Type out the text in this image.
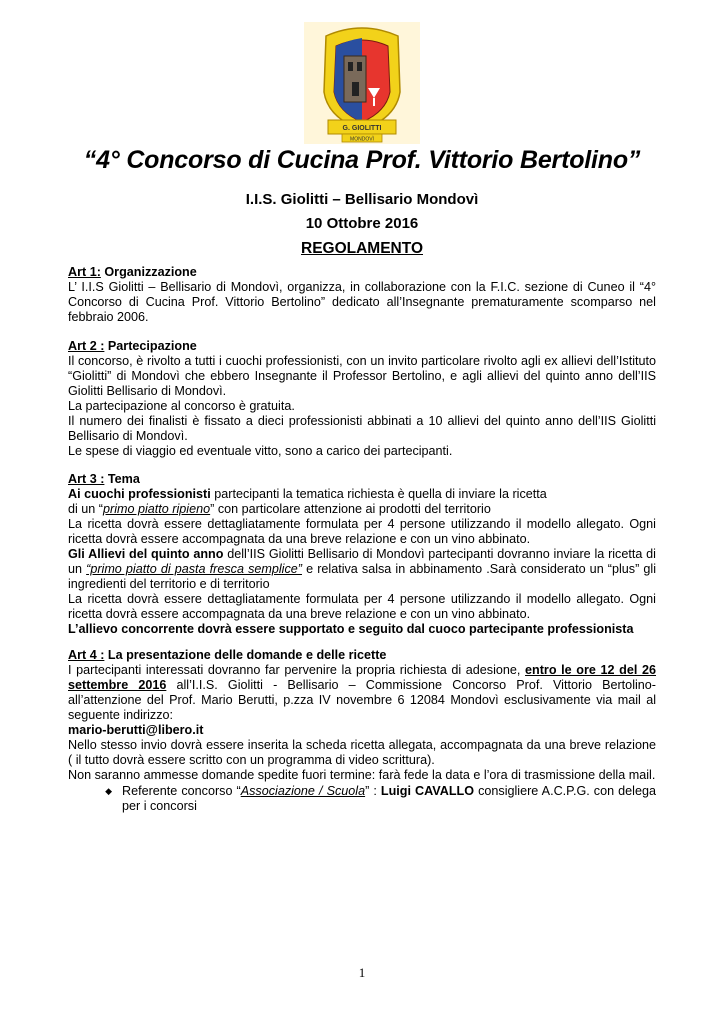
G. GIOLITTI
MONDOVÌ
“4° Concorso di Cucina Prof. Vittorio Bertolino”
I.I.S. Giolitti – Bellisario Mondovì
10 Ottobre 2016
REGOLAMENTO

Art 1: Organizzazione

L’ I.I.S Giolitti – Bellisario di Mondovì, organizza, in collaborazione con la F.I.C. sezione di Cuneo il “4° Concorso di Cucina Prof. Vittorio Bertolino” dedicato all’Insegnante prematuramente scomparso nel febbraio 2006.

Art 2 : Partecipazione

Il concorso, è rivolto a tutti i cuochi professionisti, con un invito particolare rivolto agli ex allievi dell’Istituto “Giolitti” di Mondovì che ebbero Insegnante il Professor Bertolino, e agli allievi del quinto anno dell’IIS Giolitti Bellisario di Mondovì.

La partecipazione al concorso è gratuita.

Il numero dei finalisti è fissato a dieci professionisti abbinati a 10 allievi del quinto anno dell’IIS Giolitti Bellisario di Mondovì.

Le spese di viaggio ed eventuale vitto, sono a carico dei partecipanti.

Art 3 : Tema

Ai cuochi professionisti partecipanti la tematica richiesta è quella di inviare la ricetta

di un “primo piatto ripieno” con particolare attenzione ai prodotti del territorio

La ricetta dovrà essere dettagliatamente formulata per 4 persone utilizzando il modello allegato. Ogni ricetta dovrà essere accompagnata da una breve relazione e con un vino abbinato.

Gli Allievi del quinto anno dell’IIS Giolitti Bellisario di Mondovì partecipanti dovranno inviare la ricetta di un “primo piatto di pasta fresca semplice” e relativa salsa in abbinamento .Sarà considerato un “plus” gli ingredienti del territorio e di territorio

La ricetta dovrà essere dettagliatamente formulata per 4 persone utilizzando il modello allegato. Ogni ricetta dovrà essere accompagnata da una breve relazione e con un vino abbinato.

L’allievo concorrente dovrà essere supportato e seguito dal cuoco partecipante professionista

Art 4 : La presentazione delle domande e delle ricette

I partecipanti interessati dovranno far pervenire la propria richiesta di adesione, entro le ore 12 del 26 settembre 2016 all’I.I.S. Giolitti - Bellisario – Commissione Concorso Prof. Vittorio Bertolino- all’attenzione del Prof. Mario Berutti, p.zza IV novembre 6 12084 Mondovì esclusivamente via mail al seguente indirizzo:

mario-berutti@libero.it

Nello stesso invio dovrà essere inserita la scheda ricetta allegata, accompagnata da una breve relazione ( il tutto dovrà essere scritto con un programma di video scrittura).

Non saranno ammesse domande spedite fuori termine: farà fede la data e l’ora di trasmissione della mail.

◆ Referente concorso “Associazione / Scuola” : Luigi CAVALLO consigliere A.C.P.G. con delega per i concorsi
1
